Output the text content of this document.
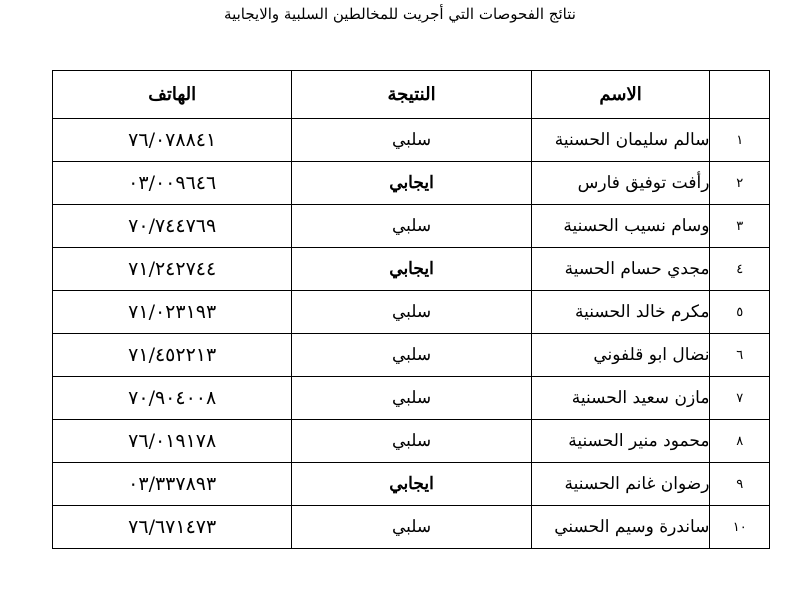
نتائج الفحوصات التي أجريت للمخالطين السلبية والايجابية
	الاسم	النتيجة	الهاتف
١	سالم سليمان الحسنية	سلبي	٧٦/٠٧٨٨٤١
٢	رأفت توفيق فارس	ايجابي	٠٣/٠٠٩٦٤٦
٣	وسام نسيب الحسنية	سلبي	٧٠/٧٤٤٧٦٩
٤	مجدي حسام الحسية	ايجابي	٧١/٢٤٢٧٤٤
٥	مكرم خالد الحسنية	سلبي	٧١/٠٢٣١٩٣
٦	نضال ابو قلفوني	سلبي	٧١/٤٥٢٢١٣
٧	مازن سعيد الحسنية	سلبي	٧٠/٩٠٤٠٠٨
٨	محمود منير الحسنية	سلبي	٧٦/٠١٩١٧٨
٩	رضوان غانم الحسنية	ايجابي	٠٣/٣٣٧٨٩٣
١٠	ساندرة وسيم الحسني	سلبي	٧٦/٦٧١٤٧٣
